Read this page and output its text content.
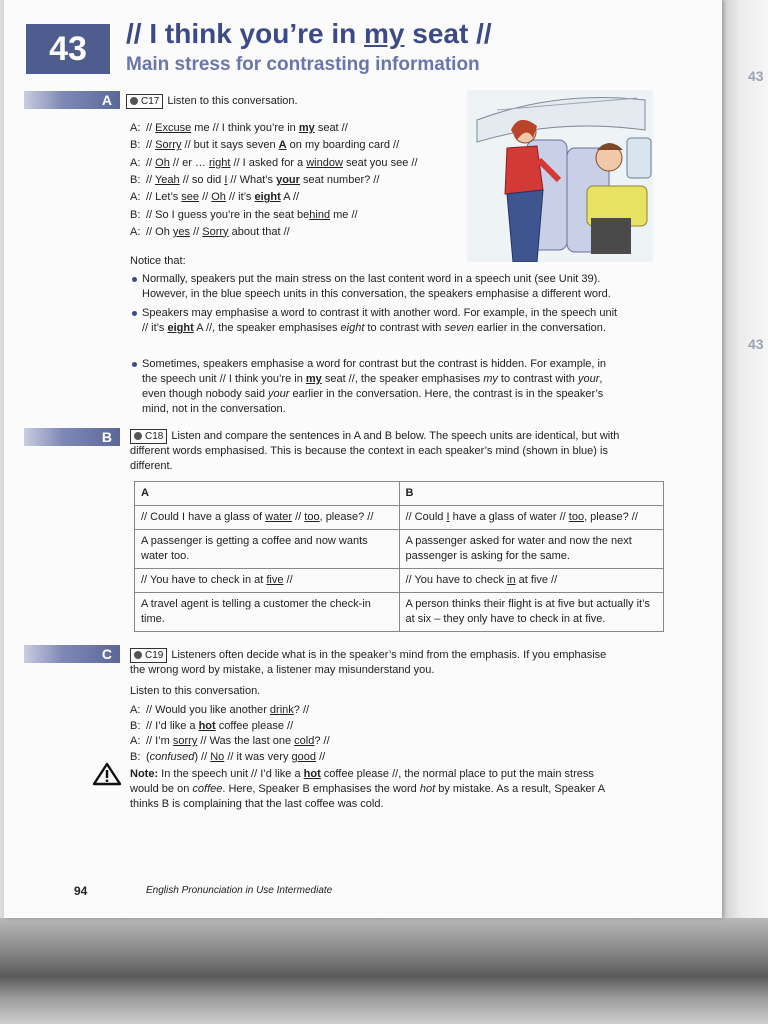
43
43
43	// I think you’re in my seat //
Main stress for contrasting information
A	C17 Listen to this conversation.
A: // Excuse me // I think you’re in my seat //
B: // Sorry // but it says seven A on my boarding card //
A: // Oh // er … right // I asked for a window seat you see //
B: // Yeah // so did I // What’s your seat number? //
A: // Let’s see // Oh // it’s eight A //
B: // So I guess you’re in the seat behind me //
A: // Oh yes // Sorry about that //
Notice that:
Normally, speakers put the main stress on the last content word in a speech unit (see Unit 39). However, in the blue speech units in this conversation, the speakers emphasise a different word.
Speakers may emphasise a word to contrast it with another word. For example, in the speech unit // it’s eight A //, the speaker emphasises eight to contrast with seven earlier in the conversation.
Sometimes, speakers emphasise a word for contrast but the contrast is hidden. For example, in the speech unit // I think you’re in my seat //, the speaker emphasises my to contrast with your, even though nobody said your earlier in the conversation. Here, the contrast is in the speaker’s mind, not in the conversation.
B	C18 Listen and compare the sentences in A and B below. The speech units are identical, but with different words emphasised. This is because the context in each speaker’s mind (shown in blue) is different.
A	B
// Could I have a glass of water // too, please? //	// Could I have a glass of water // too, please? //
A passenger is getting a coffee and now wants water too.	A passenger asked for water and now the next passenger is asking for the same.
// You have to check in at five //	// You have to check in at five //
A travel agent is telling a customer the check-in time.	A person thinks their flight is at five but actually it’s at six – they only have to check in at five.
C	C19 Listeners often decide what is in the speaker’s mind from the emphasis. If you emphasise the wrong word by mistake, a listener may misunderstand you.
Listen to this conversation.
A: // Would you like another drink? //
B: // I’d like a hot coffee please //
A: // I’m sorry // Was the last one cold? //
B: (confused) // No // it was very good //
Note: In the speech unit // I’d like a hot coffee please //, the normal place to put the main stress would be on coffee. Here, Speaker B emphasises the word hot by mistake. As a result, Speaker A thinks B is complaining that the last coffee was cold.
94	English Pronunciation in Use Intermediate
